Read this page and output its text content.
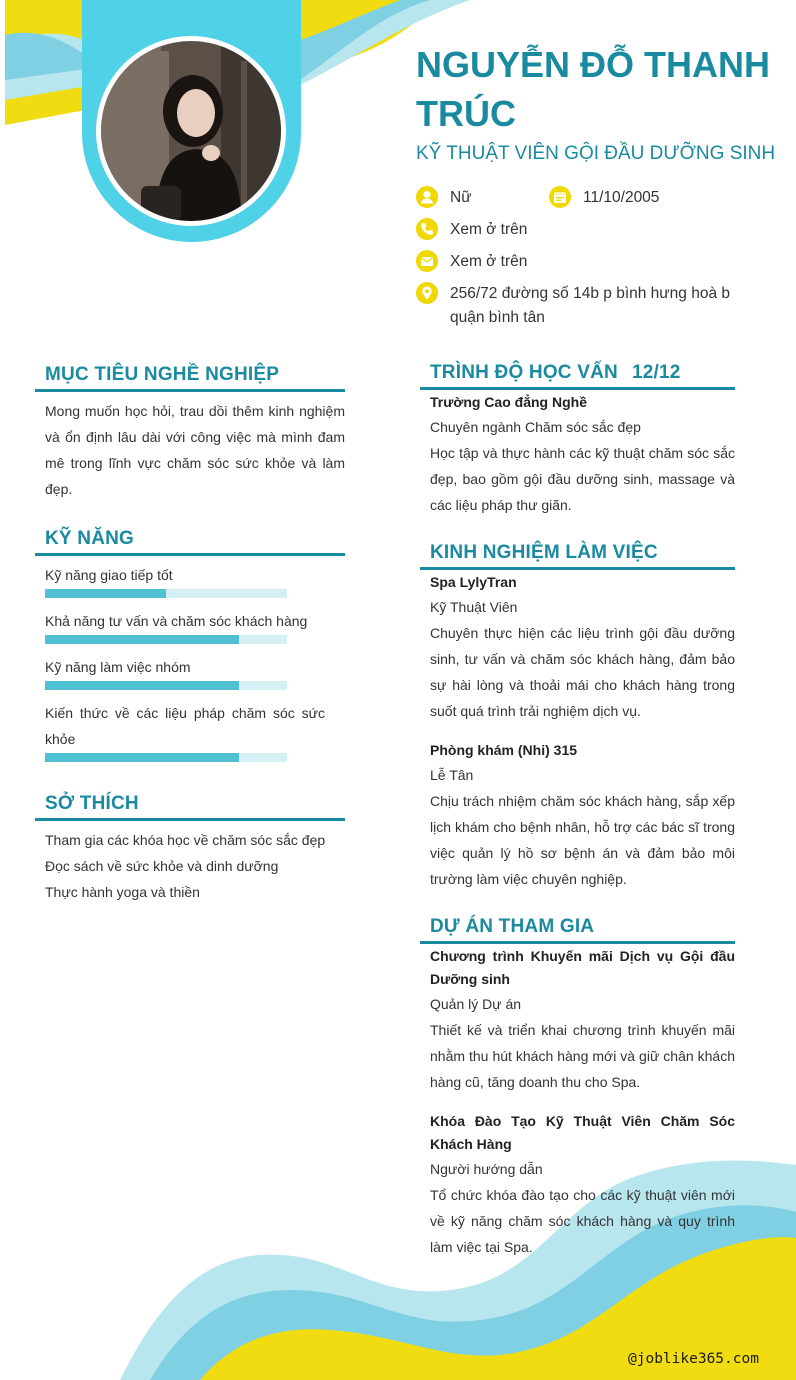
NGUYỄN ĐỖ THANH TRÚC
KỸ THUẬT VIÊN GỘI ĐẦU DƯỠNG SINH
Nữ	11/10/2005
Xem ở trên
Xem ở trên
256/72 đường số 14b p bình hưng hoà b
quận bình tân
MỤC TIÊU NGHỀ NGHIỆP
Mong muốn học hỏi, trau dồi thêm kinh nghiệm và ổn định lâu dài với công việc mà mình đam mê trong lĩnh vực chăm sóc sức khỏe và làm đẹp.
KỸ NĂNG
Kỹ năng giao tiếp tốt
Khả năng tư vấn và chăm sóc khách hàng
Kỹ năng làm việc nhóm
Kiến thức về các liệu pháp chăm sóc sức khỏe
SỞ THÍCH
Tham gia các khóa học về chăm sóc sắc đẹp
Đọc sách về sức khỏe và dinh dưỡng
Thực hành yoga và thiền
TRÌNH ĐỘ HỌC VẤN 12/12
Trường Cao đẳng Nghề
Chuyên ngành Chăm sóc sắc đẹp
Học tập và thực hành các kỹ thuật chăm sóc sắc đẹp, bao gồm gội đầu dưỡng sinh, massage và các liệu pháp thư giãn.
KINH NGHIỆM LÀM VIỆC
Spa LylyTran
Kỹ Thuật Viên
Chuyên thực hiện các liệu trình gội đầu dưỡng sinh, tư vấn và chăm sóc khách hàng, đảm bảo sự hài lòng và thoải mái cho khách hàng trong suốt quá trình trải nghiệm dịch vụ.
Phòng khám (Nhi) 315
Lễ Tân
Chịu trách nhiệm chăm sóc khách hàng, sắp xếp lịch khám cho bệnh nhân, hỗ trợ các bác sĩ trong việc quản lý hồ sơ bệnh án và đảm bảo môi trường làm việc chuyên nghiệp.
DỰ ÁN THAM GIA
Chương trình Khuyến mãi Dịch vụ Gội đầu Dưỡng sinh
Quản lý Dự án
Thiết kế và triển khai chương trình khuyến mãi nhằm thu hút khách hàng mới và giữ chân khách hàng cũ, tăng doanh thu cho Spa.
Khóa Đào Tạo Kỹ Thuật Viên Chăm Sóc Khách Hàng
Người hướng dẫn
Tổ chức khóa đào tạo cho các kỹ thuật viên mới về kỹ năng chăm sóc khách hàng và quy trình làm việc tại Spa.
@joblike365.com
